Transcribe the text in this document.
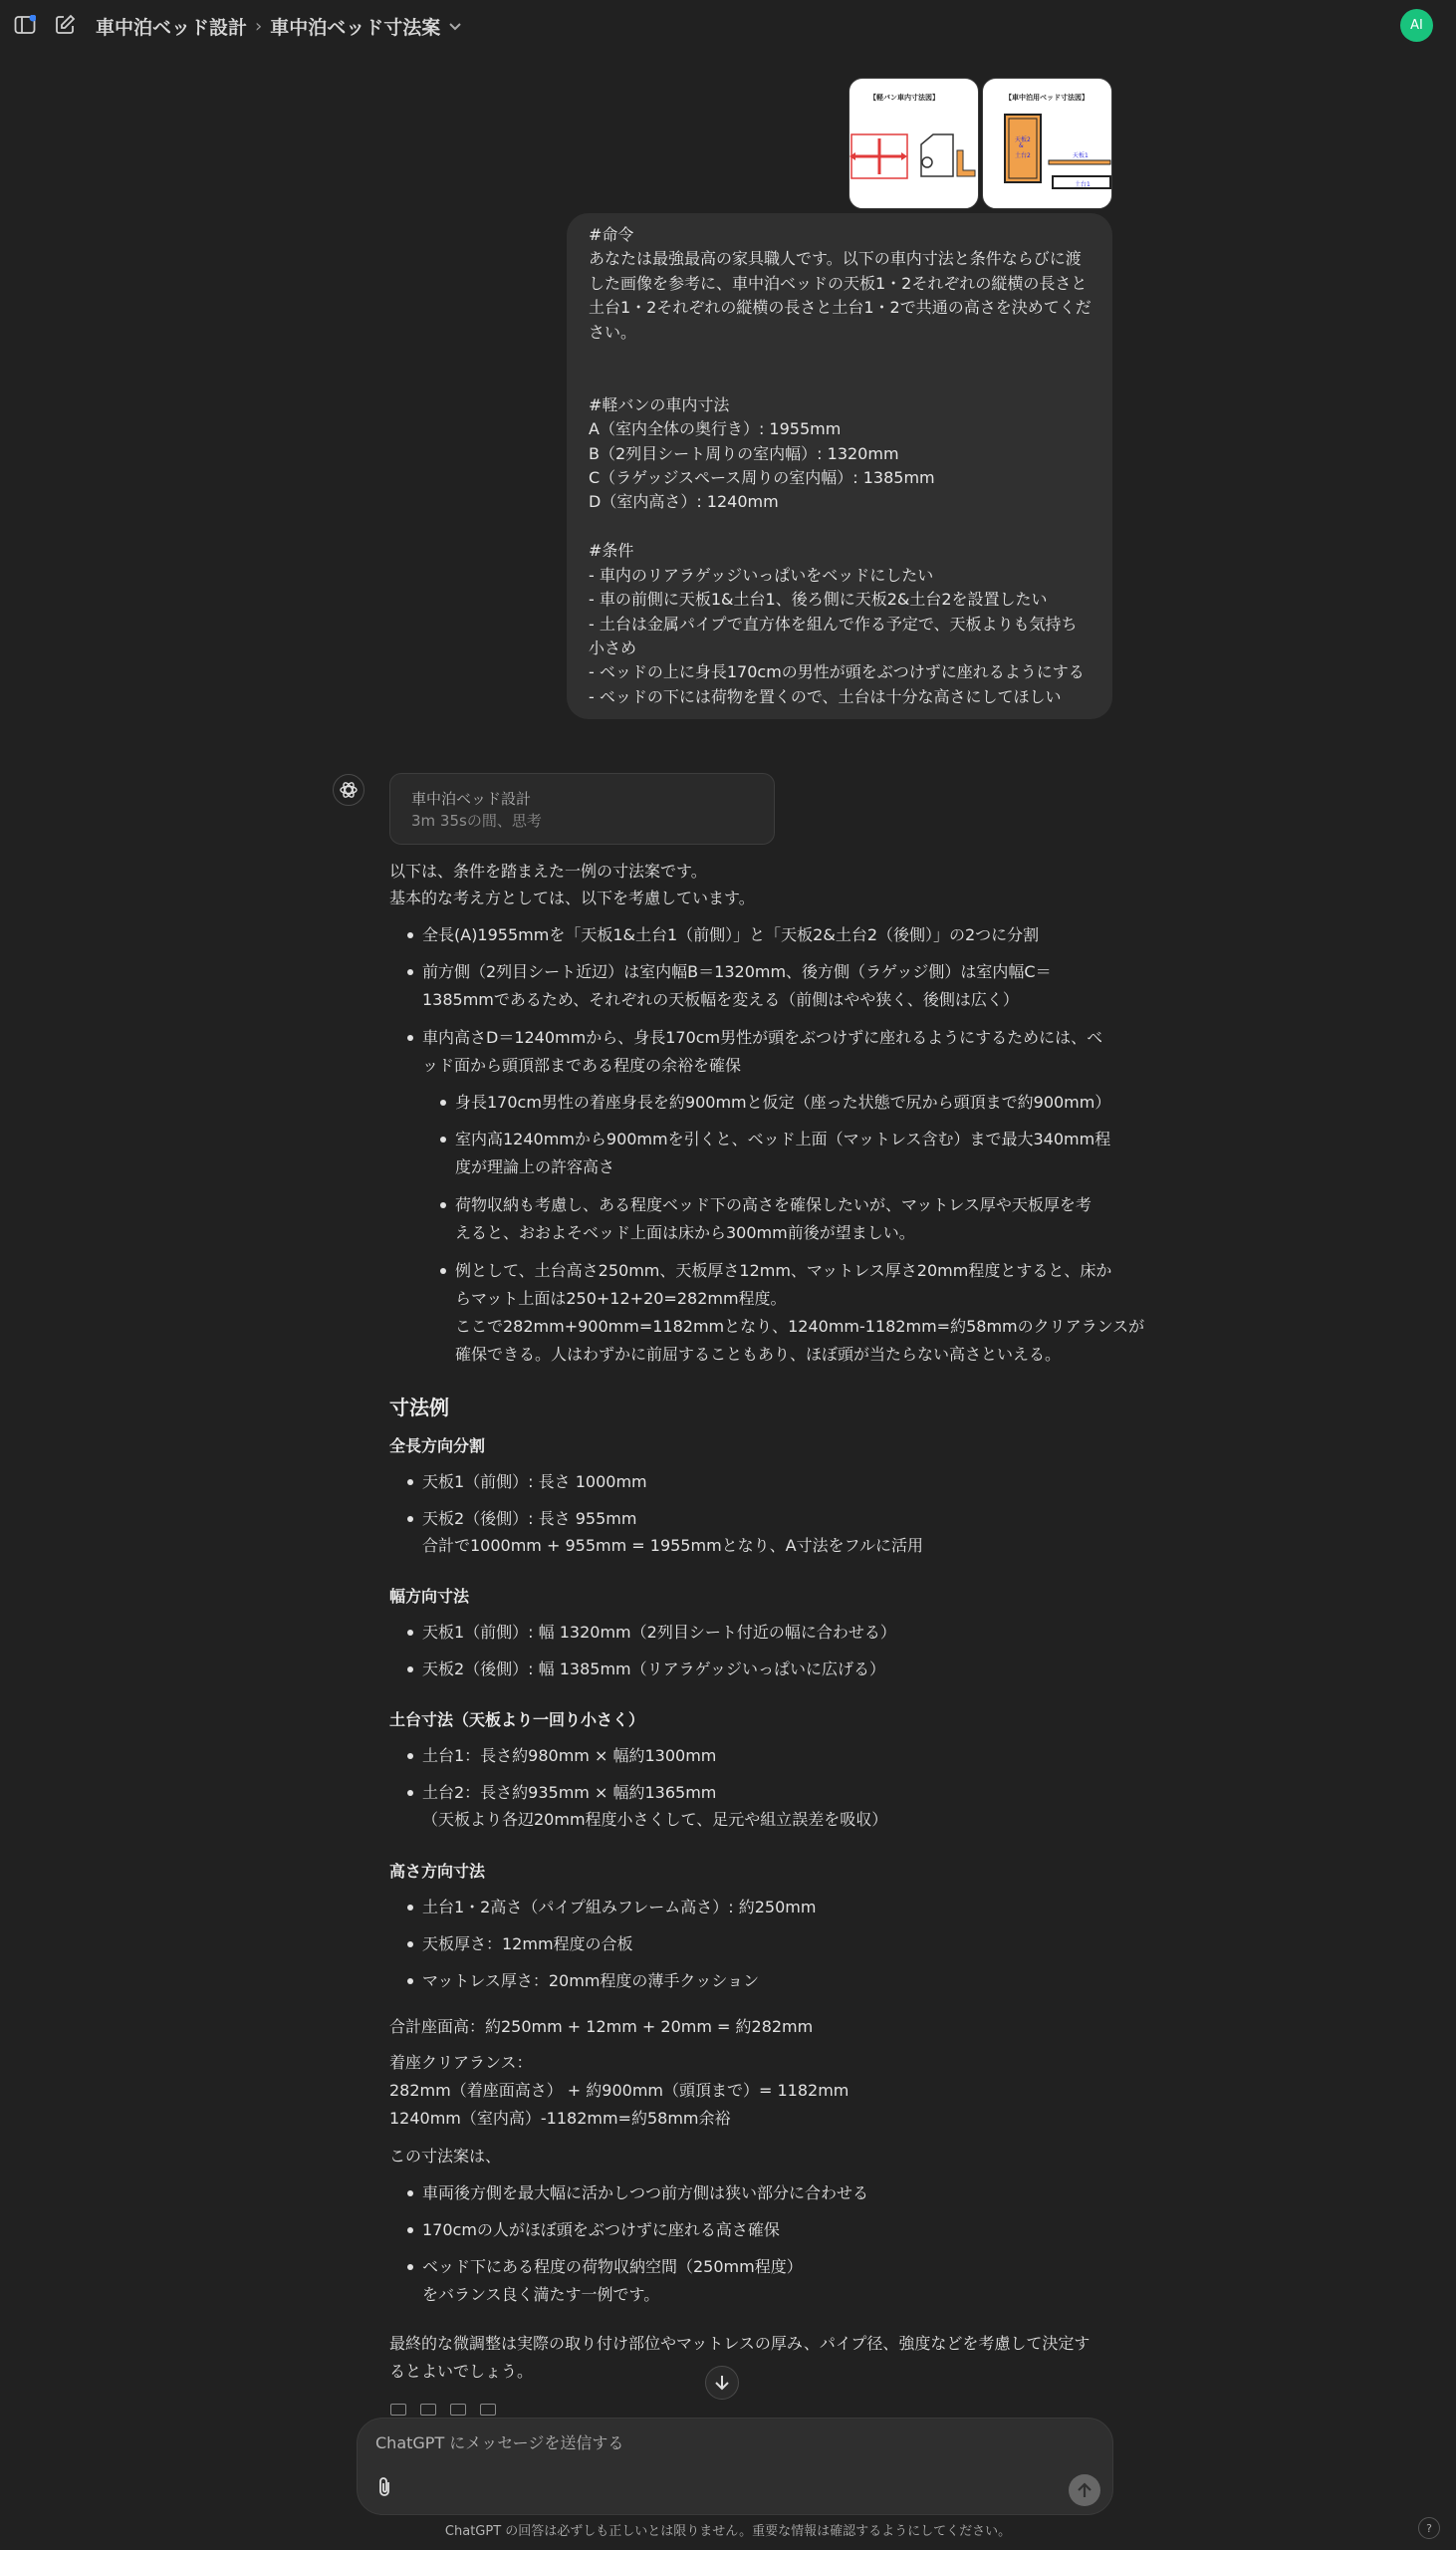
車中泊ベッド設計 › 車中泊ベッド寸法案	AI
【軽バン車内寸法図】	【車中泊用ベッド寸法図】
天板2
&
土台2	天板1
土台1
#命令
あなたは最強最高の家具職人です。以下の車内寸法と条件ならびに渡
した画像を参考に、車中泊ベッドの天板1・2それぞれの縦横の長さと
土台1・2それぞれの縦横の長さと土台1・2で共通の高さを決めてくだ
さい。

#軽バンの車内寸法
A（室内全体の奥行き）: 1955mm
B（2列目シート周りの室内幅）: 1320mm
C（ラゲッジスペース周りの室内幅）: 1385mm
D（室内高さ）: 1240mm

#条件
- 車内のリアラゲッジいっぱいをベッドにしたい
- 車の前側に天板1&土台1、後ろ側に天板2&土台2を設置したい
- 土台は金属パイプで直方体を組んで作る予定で、天板よりも気持ち
小さめ
- ベッドの上に身長170cmの男性が頭をぶつけずに座れるようにする
- ベッドの下には荷物を置くので、土台は十分な高さにしてほしい
車中泊ベッド設計
3m 35sの間、思考
以下は、条件を踏まえた一例の寸法案です。
基本的な考え方としては、以下を考慮しています。
全長(A)1955mmを「天板1&土台1（前側）」と「天板2&土台2（後側）」の2つに分割
前方側（2列目シート近辺）は室内幅B＝1320mm、後方側（ラゲッジ側）は室内幅C＝
1385mmであるため、それぞれの天板幅を変える（前側はやや狭く、後側は広く）
車内高さD＝1240mmから、身長170cm男性が頭をぶつけずに座れるようにするためには、ベ
ッド面から頭頂部まである程度の余裕を確保
身長170cm男性の着座身長を約900mmと仮定（座った状態で尻から頭頂まで約900mm）
室内高1240mmから900mmを引くと、ベッド上面（マットレス含む）まで最大340mm程
度が理論上の許容高さ
荷物収納も考慮し、ある程度ベッド下の高さを確保したいが、マットレス厚や天板厚を考
えると、おおよそベッド上面は床から300mm前後が望ましい。
例として、土台高さ250mm、天板厚さ12mm、マットレス厚さ20mm程度とすると、床か
らマット上面は250+12+20=282mm程度。
ここで282mm+900mm=1182mmとなり、1240mm-1182mm=約58mmのクリアランスが
確保できる。人はわずかに前屈することもあり、ほぼ頭が当たらない高さといえる。
寸法例
全長方向分割
天板1（前側）: 長さ 1000mm
天板2（後側）: 長さ 955mm
合計で1000mm + 955mm = 1955mmとなり、A寸法をフルに活用
幅方向寸法
天板1（前側）: 幅 1320mm（2列目シート付近の幅に合わせる）
天板2（後側）: 幅 1385mm（リアラゲッジいっぱいに広げる）
土台寸法（天板より一回り小さく）
土台1：長さ約980mm × 幅約1300mm
土台2：長さ約935mm × 幅約1365mm
（天板より各辺20mm程度小さくして、足元や組立誤差を吸収）
高さ方向寸法
土台1・2高さ（パイプ組みフレーム高さ）: 約250mm
天板厚さ：12mm程度の合板
マットレス厚さ：20mm程度の薄手クッション
合計座面高：約250mm + 12mm + 20mm = 約282mm
着座クリアランス：
282mm（着座面高さ） + 約900mm（頭頂まで）= 1182mm
1240mm（室内高）-1182mm=約58mm余裕
この寸法案は、
車両後方側を最大幅に活かしつつ前方側は狭い部分に合わせる
170cmの人がほぼ頭をぶつけずに座れる高さ確保
ベッド下にある程度の荷物収納空間（250mm程度）
をバランス良く満たす一例です。
最終的な微調整は実際の取り付け部位やマットレスの厚み、パイプ径、強度などを考慮して決定す
るとよいでしょう。
ChatGPT にメッセージを送信する
ChatGPT の回答は必ずしも正しいとは限りません。重要な情報は確認するようにしてください。	?
